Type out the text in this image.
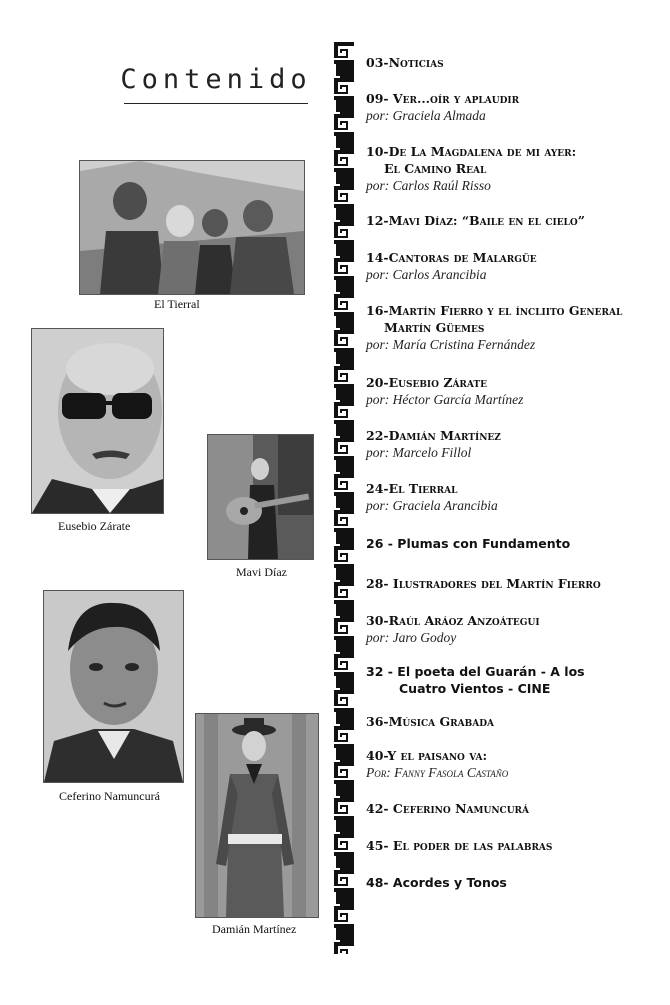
Contenido
El Tierral
Eusebio Zárate
Mavi Díaz
Ceferino Namuncurá
Damián Martínez
03-Noticias
09- Ver...oír y aplaudir
por: Graciela Almada
10-De La Magdalena de mi ayer:
El Camino Real
por: Carlos Raúl Risso
12-Mavi Díaz: “Baile en el cielo”
14-Cantoras de Malargüe
por: Carlos Arancibia
16-Martín Fierro y el íncliito General
Martín Güemes
por: María Cristina Fernández
20-Eusebio Zárate
por: Héctor García Martínez
22-Damián Martínez
por: Marcelo Fillol
24-El Tierral
por: Graciela Arancibia
26 - Plumas con Fundamento
28- Ilustradores del Martín Fierro
30-Raúl Aráoz Anzoátegui
por: Jaro Godoy
32 - El poeta del Guarán - A los
Cuatro Vientos - CINE
36-Música Grabada
40-Y el paisano va:
Por: Fanny Fasola Castaño
42- Ceferino Namuncurá
45- El poder de las palabras
48- Acordes y Tonos
